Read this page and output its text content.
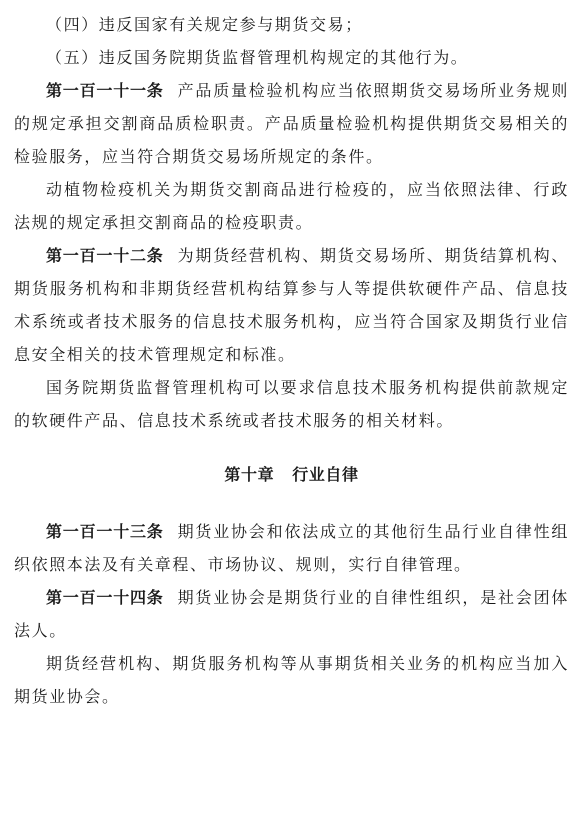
（四）违反国家有关规定参与期货交易；

（五）违反国务院期货监督管理机构规定的其他行为。

第一百一十一条 产品质量检验机构应当依照期货交易场所业务规则的规定承担交割商品质检职责。产品质量检验机构提供期货交易相关的检验服务，应当符合期货交易场所规定的条件。

动植物检疫机关为期货交割商品进行检疫的，应当依照法律、行政法规的规定承担交割商品的检疫职责。

第一百一十二条 为期货经营机构、期货交易场所、期货结算机构、期货服务机构和非期货经营机构结算参与人等提供软硬件产品、信息技术系统或者技术服务的信息技术服务机构，应当符合国家及期货行业信息安全相关的技术管理规定和标准。

国务院期货监督管理机构可以要求信息技术服务机构提供前款规定的软硬件产品、信息技术系统或者技术服务的相关材料。

第十章 行业自律

第一百一十三条 期货业协会和依法成立的其他衍生品行业自律性组织依照本法及有关章程、市场协议、规则，实行自律管理。

第一百一十四条 期货业协会是期货行业的自律性组织，是社会团体法人。

期货经营机构、期货服务机构等从事期货相关业务的机构应当加入期货业协会。
